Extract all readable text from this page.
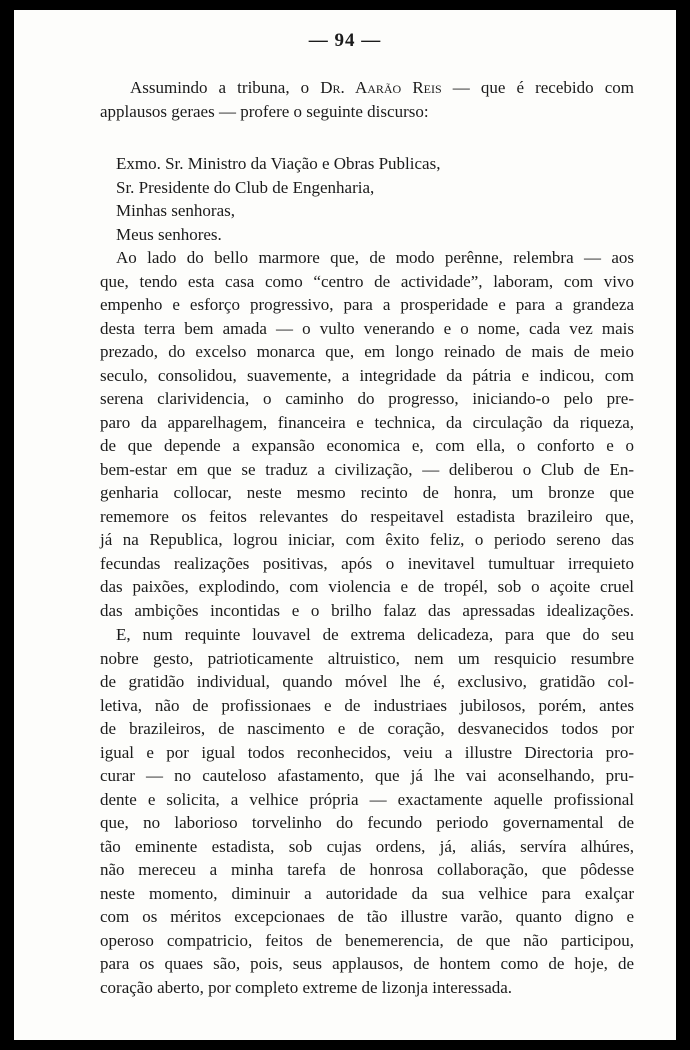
— 94 —
Assumindo a tribuna, o Dr. Aarão Reis — que é recebido com
applausos geraes — profere o seguinte discurso:
Exmo. Sr. Ministro da Viação e Obras Publicas,
Sr. Presidente do Club de Engenharia,
Minhas senhoras,
Meus senhores.
Ao lado do bello marmore que, de modo perênne, relembra — aos
que, tendo esta casa como “centro de actividade”, laboram, com vivo
empenho e esforço progressivo, para a prosperidade e para a grandeza
desta terra bem amada — o vulto venerando e o nome, cada vez mais
prezado, do excelso monarca que, em longo reinado de mais de meio
seculo, consolidou, suavemente, a integridade da pátria e indicou, com
serena clarividencia, o caminho do progresso, iniciando-o pelo pre-
paro da apparelhagem, financeira e technica, da circulação da riqueza,
de que depende a expansão economica e, com ella, o conforto e o
bem-estar em que se traduz a civilização, — deliberou o Club de En-
genharia collocar, neste mesmo recinto de honra, um bronze que
rememore os feitos relevantes do respeitavel estadista brazileiro que,
já na Republica, logrou iniciar, com êxito feliz, o periodo sereno das
fecundas realizações positivas, após o inevitavel tumultuar irrequieto
das paixões, explodindo, com violencia e de tropél, sob o açoite cruel
das ambições incontidas e o brilho falaz das apressadas idealizações.
E, num requinte louvavel de extrema delicadeza, para que do seu
nobre gesto, patrioticamente altruistico, nem um resquicio resumbre
de gratidão individual, quando móvel lhe é, exclusivo, gratidão col-
letiva, não de profissionaes e de industriaes jubilosos, porém, antes
de brazileiros, de nascimento e de coração, desvanecidos todos por
igual e por igual todos reconhecidos, veiu a illustre Directoria pro-
curar — no cauteloso afastamento, que já lhe vai aconselhando, pru-
dente e solicita, a velhice própria — exactamente aquelle profissional
que, no laborioso torvelinho do fecundo periodo governamental de
tão eminente estadista, sob cujas ordens, já, aliás, servíra alhúres,
não mereceu a minha tarefa de honrosa collaboração, que pôdesse
neste momento, diminuir a autoridade da sua velhice para exalçar
com os méritos excepcionaes de tão illustre varão, quanto digno e
operoso compatricio, feitos de benemerencia, de que não participou,
para os quaes são, pois, seus applausos, de hontem como de hoje, de
coração aberto, por completo extreme de lizonja interessada.
